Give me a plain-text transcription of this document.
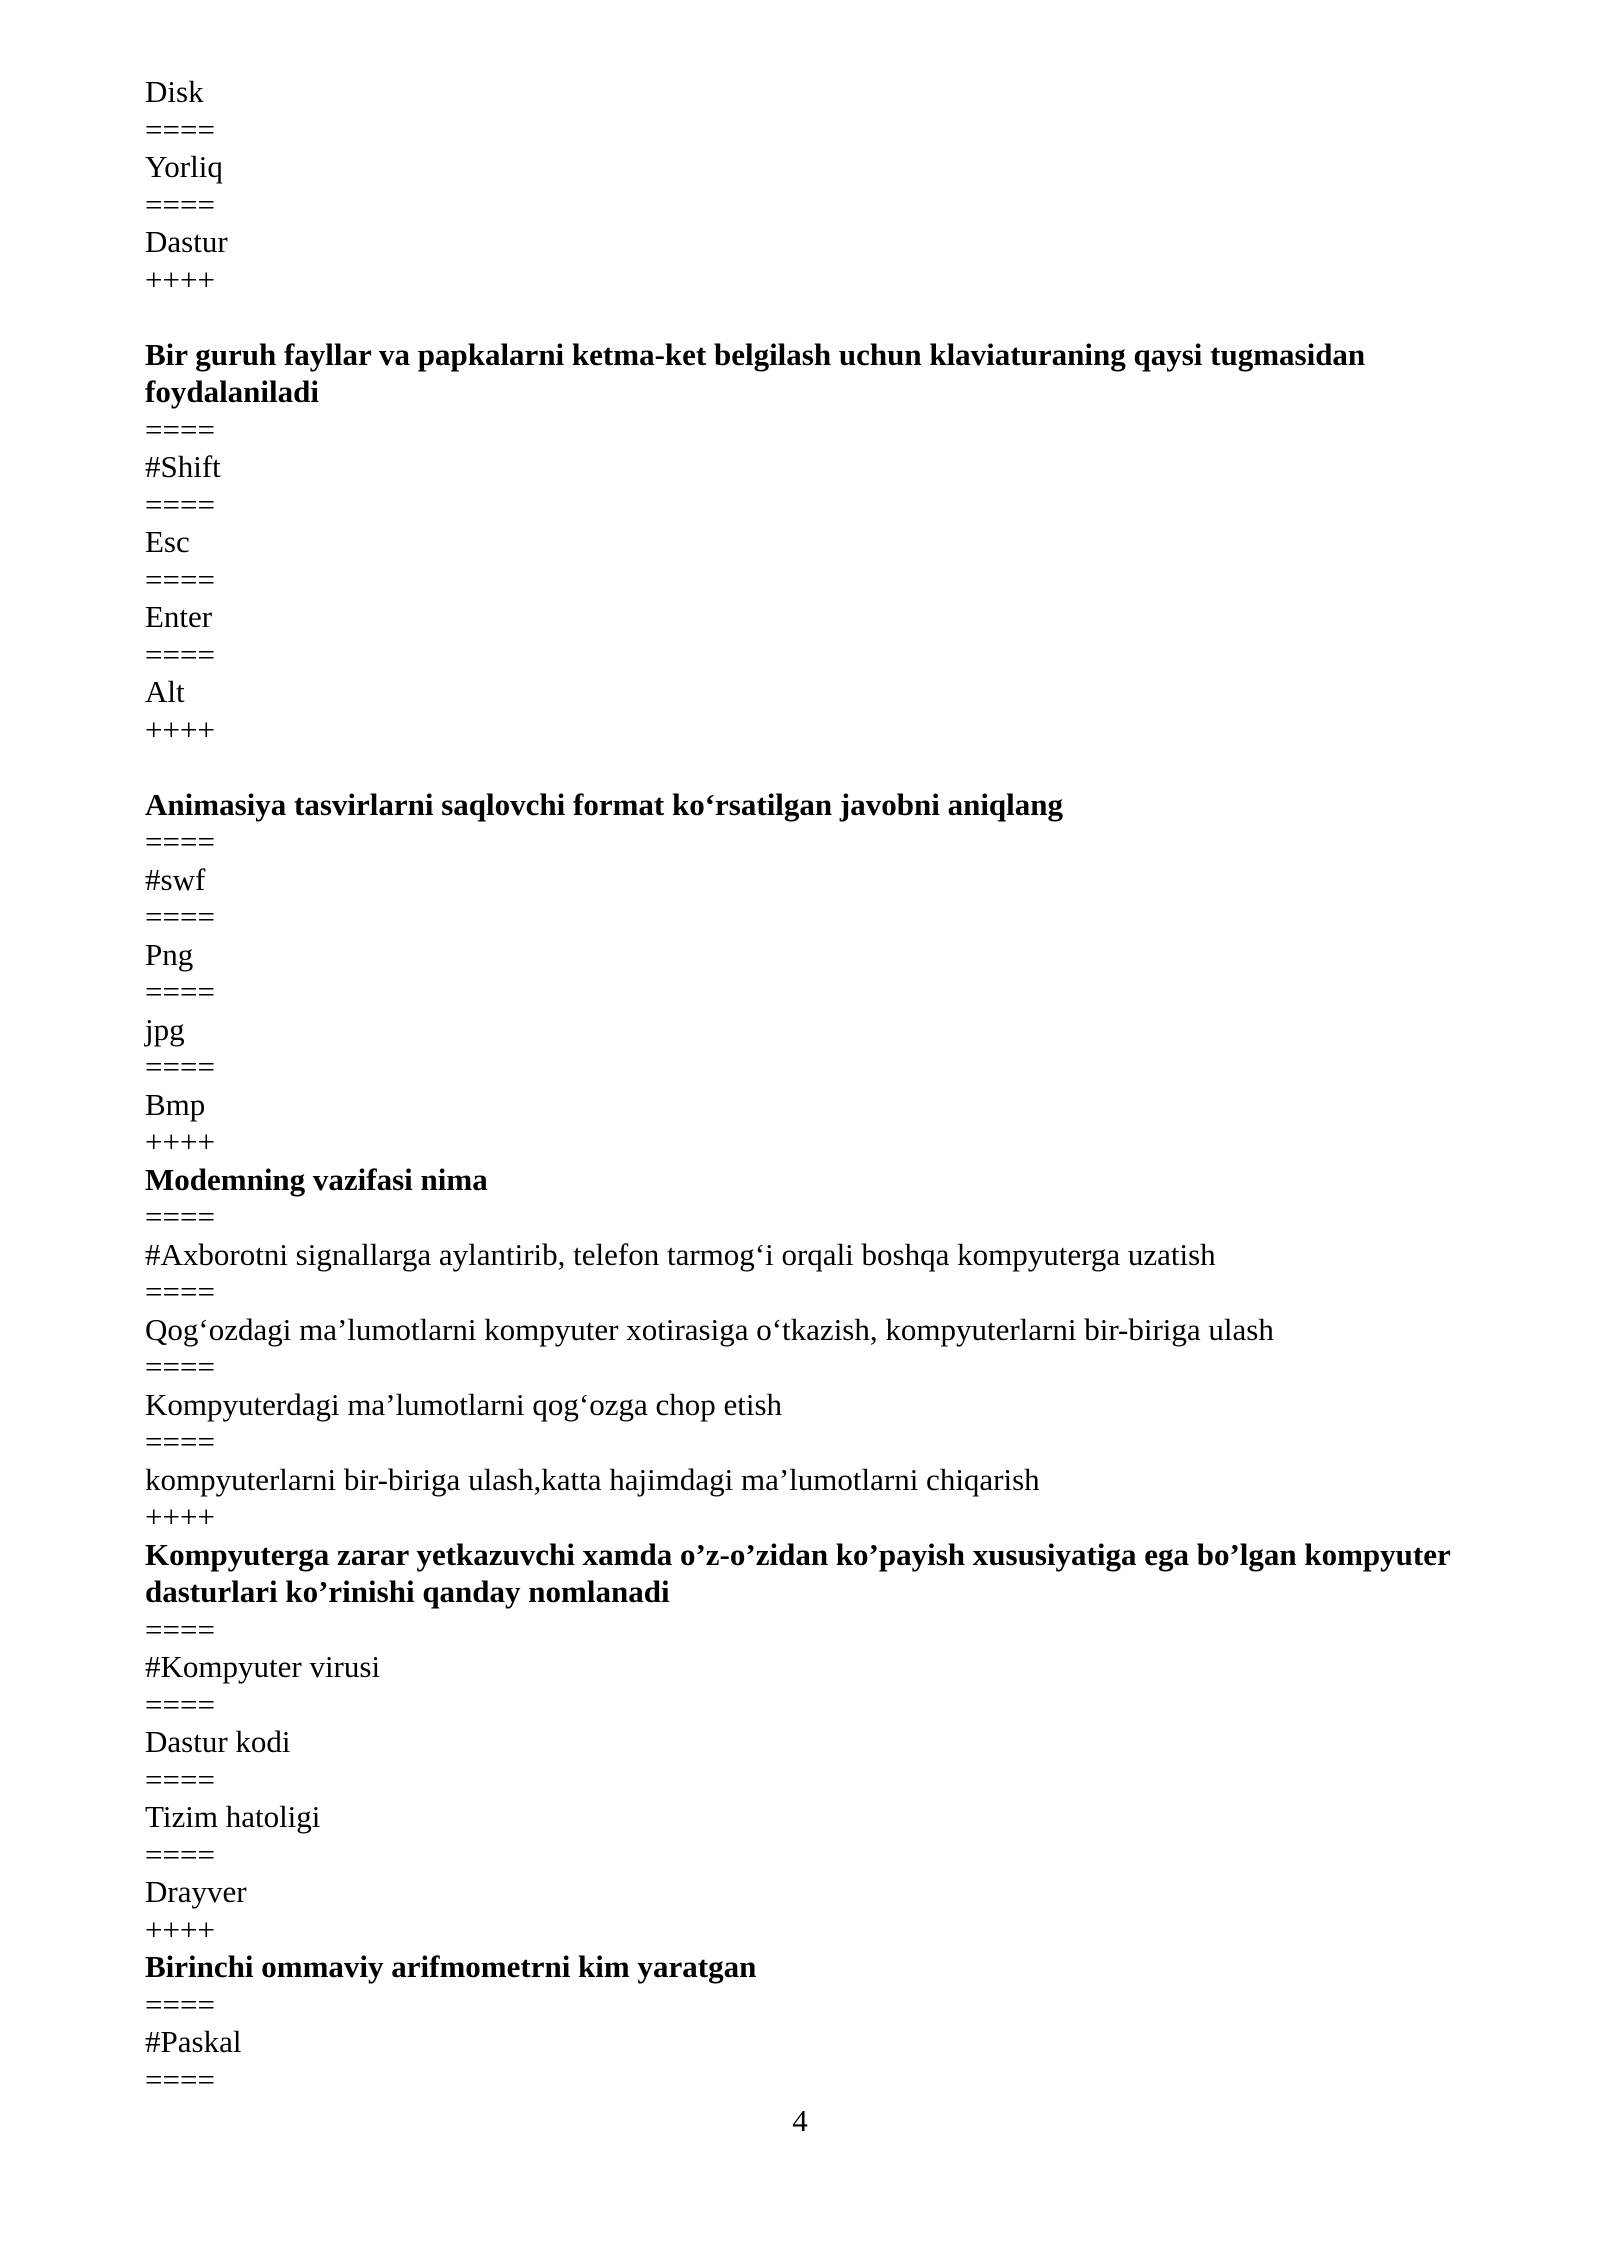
Disk
====
Yorliq
====
Dastur
++++
Bir guruh fayllar va papkalarni ketma-ket belgilash uchun klaviaturaning qaysi tugmasidan foydalaniladi
====
#Shift
====
Esc
====
Enter
====
Alt
++++
Animasiya tasvirlarni saqlovchi format ko‘rsatilgan javobni aniqlang
====
#swf
====
Png
====
jpg
====
Bmp
++++
Modemning vazifasi nima
====
#Axborotni signallarga aylantirib, telefon tarmog‘i orqali boshqa kompyuterga uzatish
====
Qog‘ozdagi ma’lumotlarni kompyuter xotirasiga o‘tkazish, kompyuterlarni bir-biriga ulash
====
Kompyuterdagi ma’lumotlarni qog‘ozga chop etish
====
kompyuterlarni bir-biriga ulash,katta hajimdagi ma’lumotlarni chiqarish
++++
Kompyuterga zarar yetkazuvchi xamda o’z-o’zidan ko’payish xususiyatiga ega bo’lgan kompyuter dasturlari ko’rinishi qanday nomlanadi
====
#Kompyuter virusi
====
Dastur kodi
====
Tizim hatoligi
====
Drayver
++++
Birinchi ommaviy arifmometrni kim yaratgan
====
#Paskal
====
4
